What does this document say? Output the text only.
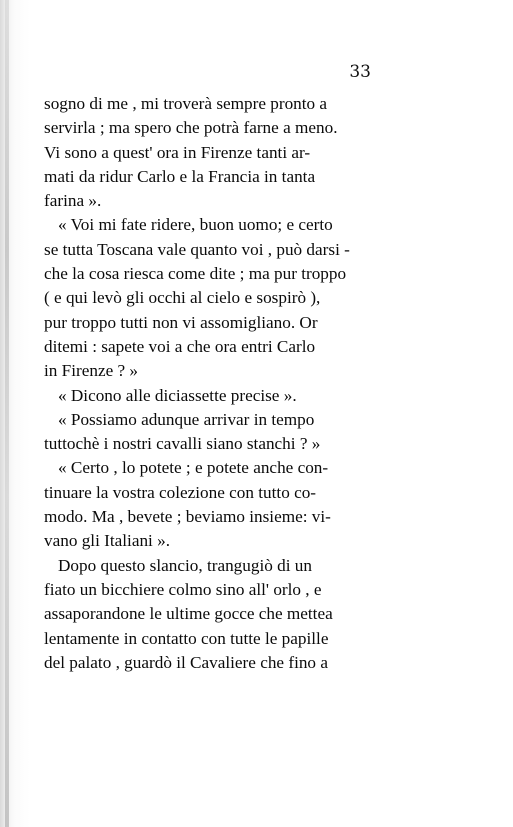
33
sogno di me , mi troverà sempre pronto a
servirla ; ma spero che potrà farne a meno.
Vi sono a quest' ora in Firenze tanti ar-
mati da ridur Carlo e la Francia in tanta
farina ».
« Voi mi fate ridere, buon uomo; e certo
se tutta Toscana vale quanto voi , può darsi -
che la cosa riesca come dite ; ma pur troppo
( e qui levò gli occhi al cielo e sospirò ),
pur troppo tutti non vi assomigliano. Or
ditemi : sapete voi a che ora entri Carlo
in Firenze ? »
« Dicono alle diciassette precise ».
« Possiamo adunque arrivar in tempo
tuttochè i nostri cavalli siano stanchi ? »
« Certo , lo potete ; e potete anche con-
tinuare la vostra colezione con tutto co-
modo. Ma , bevete ; beviamo insieme: vi-
vano gli Italiani ».
Dopo questo slancio, trangugiò di un
fiato un bicchiere colmo sino all' orlo , e
assaporandone le ultime gocce che mettea
lentamente in contatto con tutte le papille
del palato , guardò il Cavaliere che fino a
